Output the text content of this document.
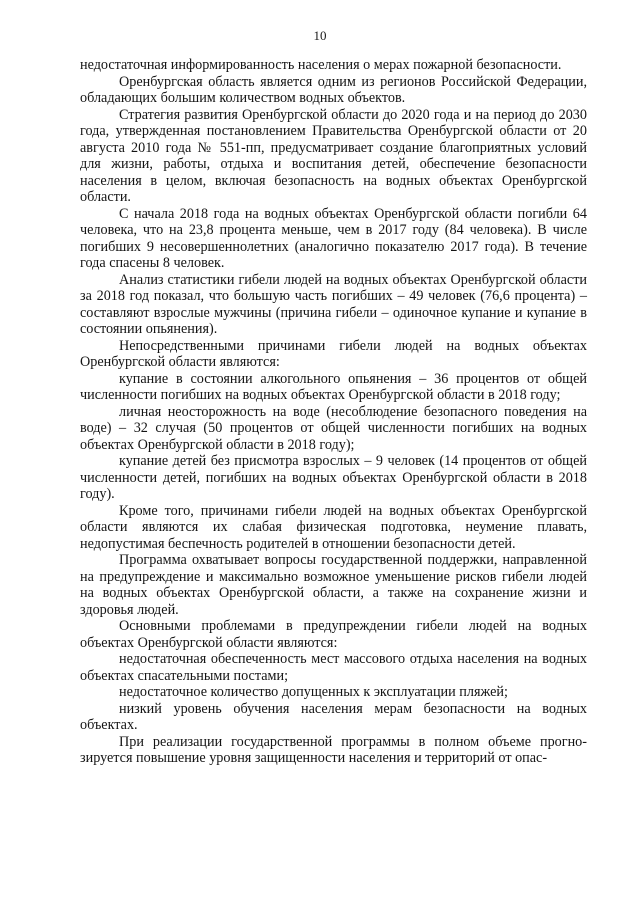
10

недостаточная информированность населения о мерах пожарной безопасности.

Оренбургская область является одним из регионов Российской Федерации, обладающих большим количеством водных объектов.

Стратегия развития Оренбургской области до 2020 года и на период до 2030 года, утвержденная постановлением Правительства Оренбургской области от 20 августа 2010 года № 551-пп, предусматривает создание благоприятных условий для жизни, работы, отдыха и воспитания детей, обеспечение безопасности населения в целом, включая безопасность на водных объектах Оренбургской области.

С начала 2018 года на водных объектах Оренбургской области погибли 64 человека, что на 23,8 процента меньше, чем в 2017 году (84 человека). В числе погибших 9 несовершеннолетних (аналогично показателю 2017 года). В течение года спасены 8 человек.

Анализ статистики гибели людей на водных объектах Оренбургской области за 2018 год показал, что большую часть погибших – 49 человек (76,6 процента) – составляют взрослые мужчины (причина гибели – одиночное купание и купание в состоянии опьянения).

Непосредственными причинами гибели людей на водных объектах Оренбургской области являются:

купание в состоянии алкогольного опьянения – 36 процентов от общей численности погибших на водных объектах Оренбургской области в 2018 году;

личная неосторожность на воде (несоблюдение безопасного поведения на воде) – 32 случая (50 процентов от общей численности погибших на водных объектах Оренбургской области в 2018 году);

купание детей без присмотра взрослых – 9 человек (14 процентов от общей численности детей, погибших на водных объектах Оренбургской области в 2018 году).

Кроме того, причинами гибели людей на водных объектах Оренбургской области являются их слабая физическая подготовка, неумение плавать, недопустимая беспечность родителей в отношении безопасности детей.

Программа охватывает вопросы государственной поддержки, направленной на предупреждение и максимально возможное уменьшение рисков гибели людей на водных объектах Оренбургской области, а также на сохранение жизни и здоровья людей.

Основными проблемами в предупреждении гибели людей на водных объектах Оренбургской области являются:

недостаточная обеспеченность мест массового отдыха населения на водных объектах спасательными постами;

недостаточное количество допущенных к эксплуатации пляжей;

низкий уровень обучения населения мерам безопасности на водных объектах.

При реализации государственной программы в полном объеме прогнозируется повышение уровня защищенности населения и территорий от опас-
